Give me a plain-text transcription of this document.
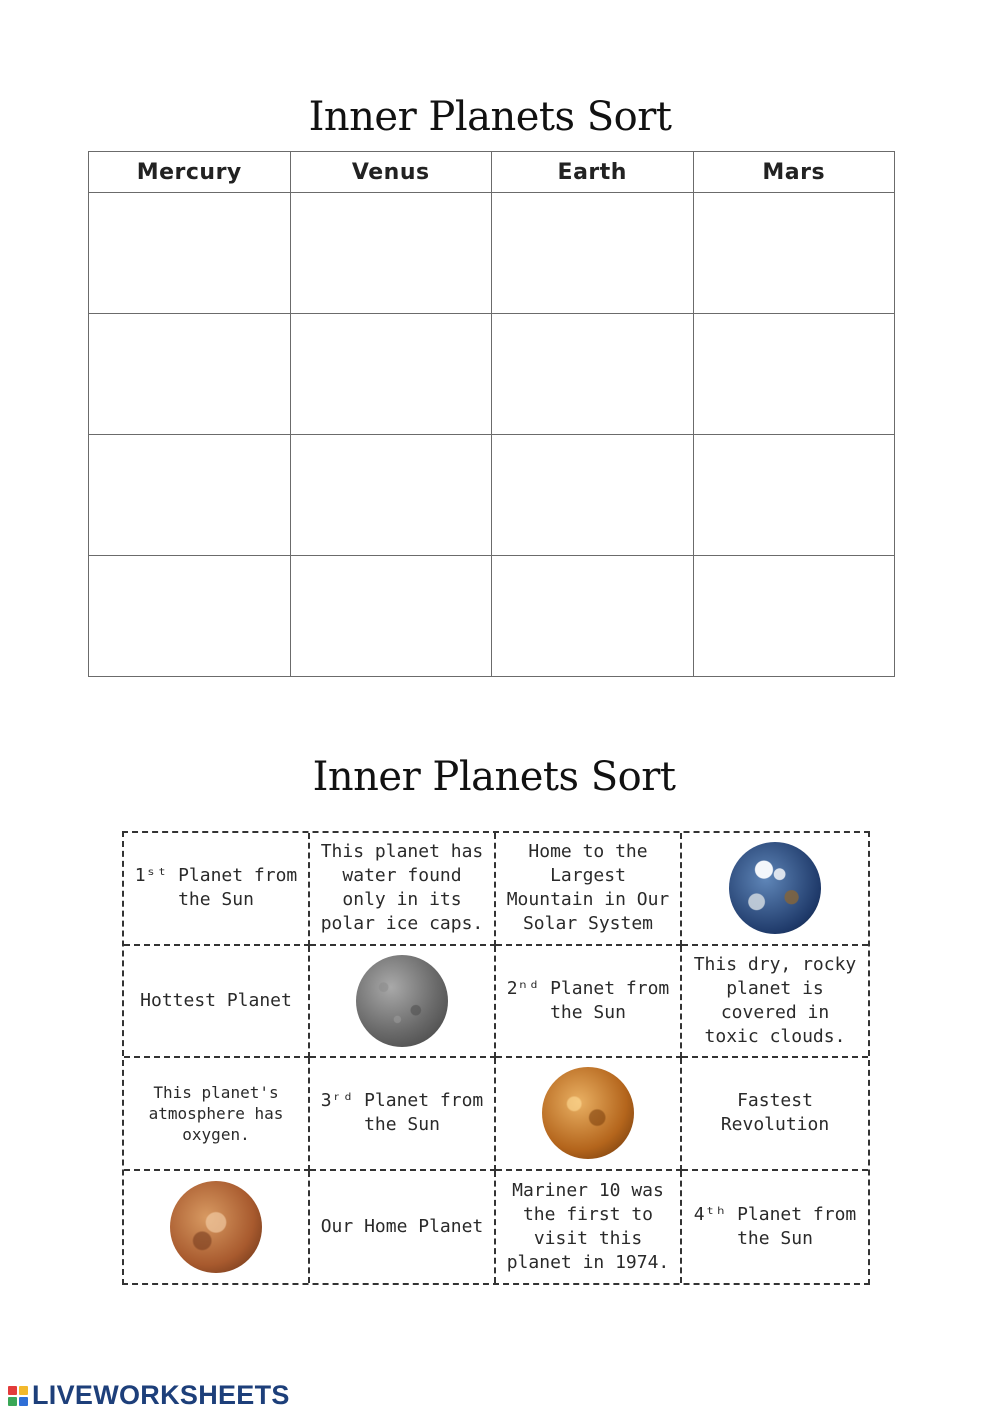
Inner Planets Sort
Mercury	Venus	Earth	Mars

Inner Planets Sort
1ˢᵗ Planet from the Sun
This planet has water found only in its polar ice caps.
Home to the Largest Mountain in Our Solar System
Hottest Planet
2ⁿᵈ Planet from the Sun
This dry, rocky planet is covered in toxic clouds.
This planet's atmosphere has oxygen.
3ʳᵈ Planet from the Sun
Fastest Revolution
Our Home Planet
Mariner 10 was the first to visit this planet in 1974.
4ᵗʰ Planet from the Sun
LIVEWORKSHEETS
